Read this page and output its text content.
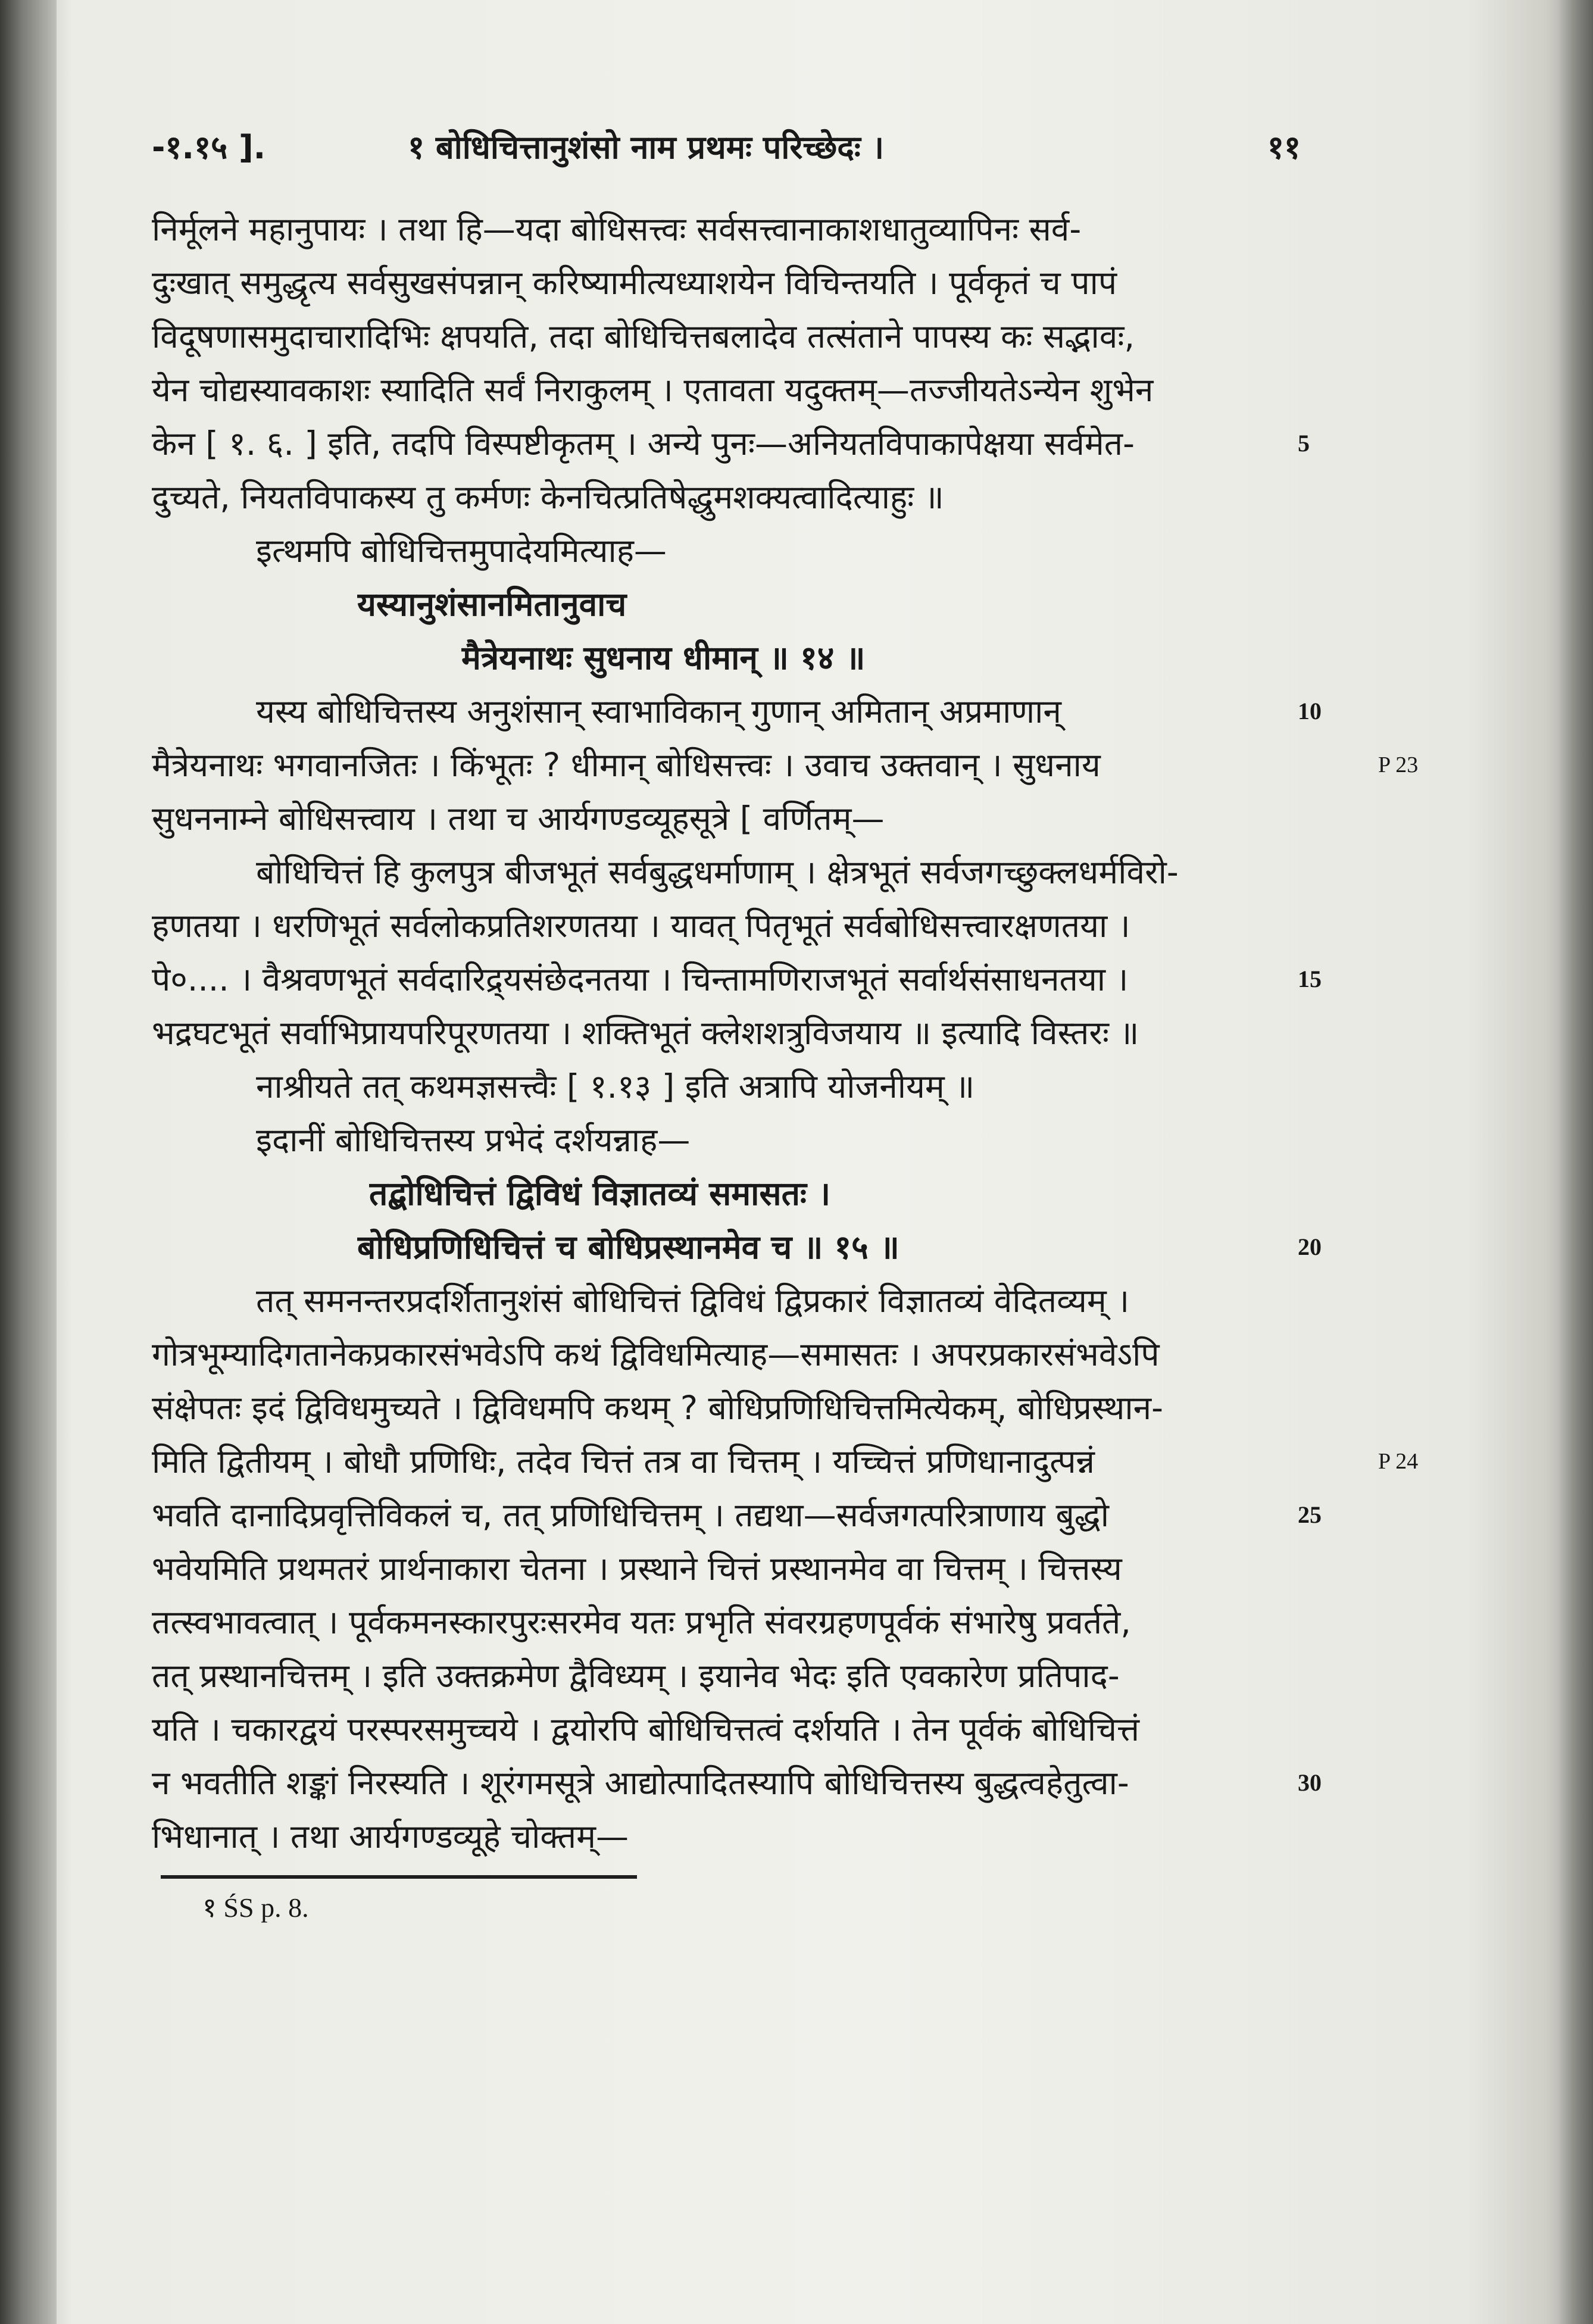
-१.१५ ].	१ बोधिचित्तानुशंसो नाम प्रथमः परिच्छेदः ।	११
निर्मूलने महानुपायः । तथा हि—यदा बोधिसत्त्वः सर्वसत्त्वानाकाशधातुव्यापिनः सर्व-
दुःखात् समुद्धृत्य सर्वसुखसंपन्नान् करिष्यामीत्यध्याशयेन विचिन्तयति । पूर्वकृतं च पापं
विदूषणासमुदाचारादिभिः क्षपयति, तदा बोधिचित्तबलादेव तत्संताने पापस्य कः सद्भावः,
येन चोद्यस्यावकाशः स्यादिति सर्वं निराकुलम् । एतावता यदुक्तम्—तज्जीयतेऽन्येन शुभेन
केन [ १. ६. ] इति, तदपि विस्पष्टीकृतम् । अन्ये पुनः—अनियतविपाकापेक्षया सर्वमेत-	5
दुच्यते, नियतविपाकस्य तु कर्मणः केनचित्प्रतिषेद्धुमशक्यत्वादित्याहुः ॥
इत्थमपि बोधिचित्तमुपादेयमित्याह—
यस्यानुशंसानमितानुवाच
मैत्रेयनाथः सुधनाय धीमान् ॥ १४ ॥
यस्य बोधिचित्तस्य अनुशंसान् स्वाभाविकान् गुणान् अमितान् अप्रमाणान्	10
मैत्रेयनाथः भगवानजितः । किंभूतः ? धीमान् बोधिसत्त्वः । उवाच उक्तवान् । सुधनाय	P 23
सुधननाम्ने बोधिसत्त्वाय । तथा च आर्यगण्डव्यूहसूत्रे [ वर्णितम्—
बोधिचित्तं हि कुलपुत्र बीजभूतं सर्वबुद्धधर्माणाम् । क्षेत्रभूतं सर्वजगच्छुक्लधर्मविरो-
हणतया । धरणिभूतं सर्वलोकप्रतिशरणतया । यावत् पितृभूतं सर्वबोधिसत्त्वारक्षणतया ।
पे०.... । वैश्रवणभूतं सर्वदारिद्र्यसंछेदनतया । चिन्तामणिराजभूतं सर्वार्थसंसाधनतया ।	15
भद्रघटभूतं सर्वाभिप्रायपरिपूरणतया । शक्तिभूतं क्लेशशत्रुविजयाय ॥ इत्यादि विस्तरः ॥
नाश्रीयते तत् कथमज्ञसत्त्वैः [ १.१३ ] इति अत्रापि योजनीयम् ॥
इदानीं बोधिचित्तस्य प्रभेदं दर्शयन्नाह—
तद्बोधिचित्तं द्विविधं विज्ञातव्यं समासतः ।
बोधिप्रणिधिचित्तं च बोधिप्रस्थानमेव च ॥ १५ ॥	20
तत् समनन्तरप्रदर्शितानुशंसं बोधिचित्तं द्विविधं द्विप्रकारं विज्ञातव्यं वेदितव्यम् ।
गोत्रभूम्यादिगतानेकप्रकारसंभवेऽपि कथं द्विविधमित्याह—समासतः । अपरप्रकारसंभवेऽपि
संक्षेपतः इदं द्विविधमुच्यते । द्विविधमपि कथम् ? बोधिप्रणिधिचित्तमित्येकम्, बोधिप्रस्थान-
मिति द्वितीयम् । बोधौ प्रणिधिः, तदेव चित्तं तत्र वा चित्तम् । यच्चित्तं प्रणिधानादुत्पन्नं	P 24
भवति दानादिप्रवृत्तिविकलं च, तत् प्रणिधिचित्तम् । तद्यथा—सर्वजगत्परित्राणाय बुद्धो	25
भवेयमिति प्रथमतरं प्रार्थनाकारा चेतना । प्रस्थाने चित्तं प्रस्थानमेव वा चित्तम् । चित्तस्य
तत्स्वभावत्वात् । पूर्वकमनस्कारपुरःसरमेव यतः प्रभृति संवरग्रहणपूर्वकं संभारेषु प्रवर्तते,
तत् प्रस्थानचित्तम् । इति उक्तक्रमेण द्वैविध्यम् । इयानेव भेदः इति एवकारेण प्रतिपाद-
यति । चकारद्वयं परस्परसमुच्चये । द्वयोरपि बोधिचित्तत्वं दर्शयति । तेन पूर्वकं बोधिचित्तं
न भवतीति शङ्कां निरस्यति । शूरंगमसूत्रे आद्योत्पादितस्यापि बोधिचित्तस्य बुद्धत्वहेतुत्वा-	30
भिधानात् । तथा आर्यगण्डव्यूहे चोक्तम्—
१ ŚS p. 8.
